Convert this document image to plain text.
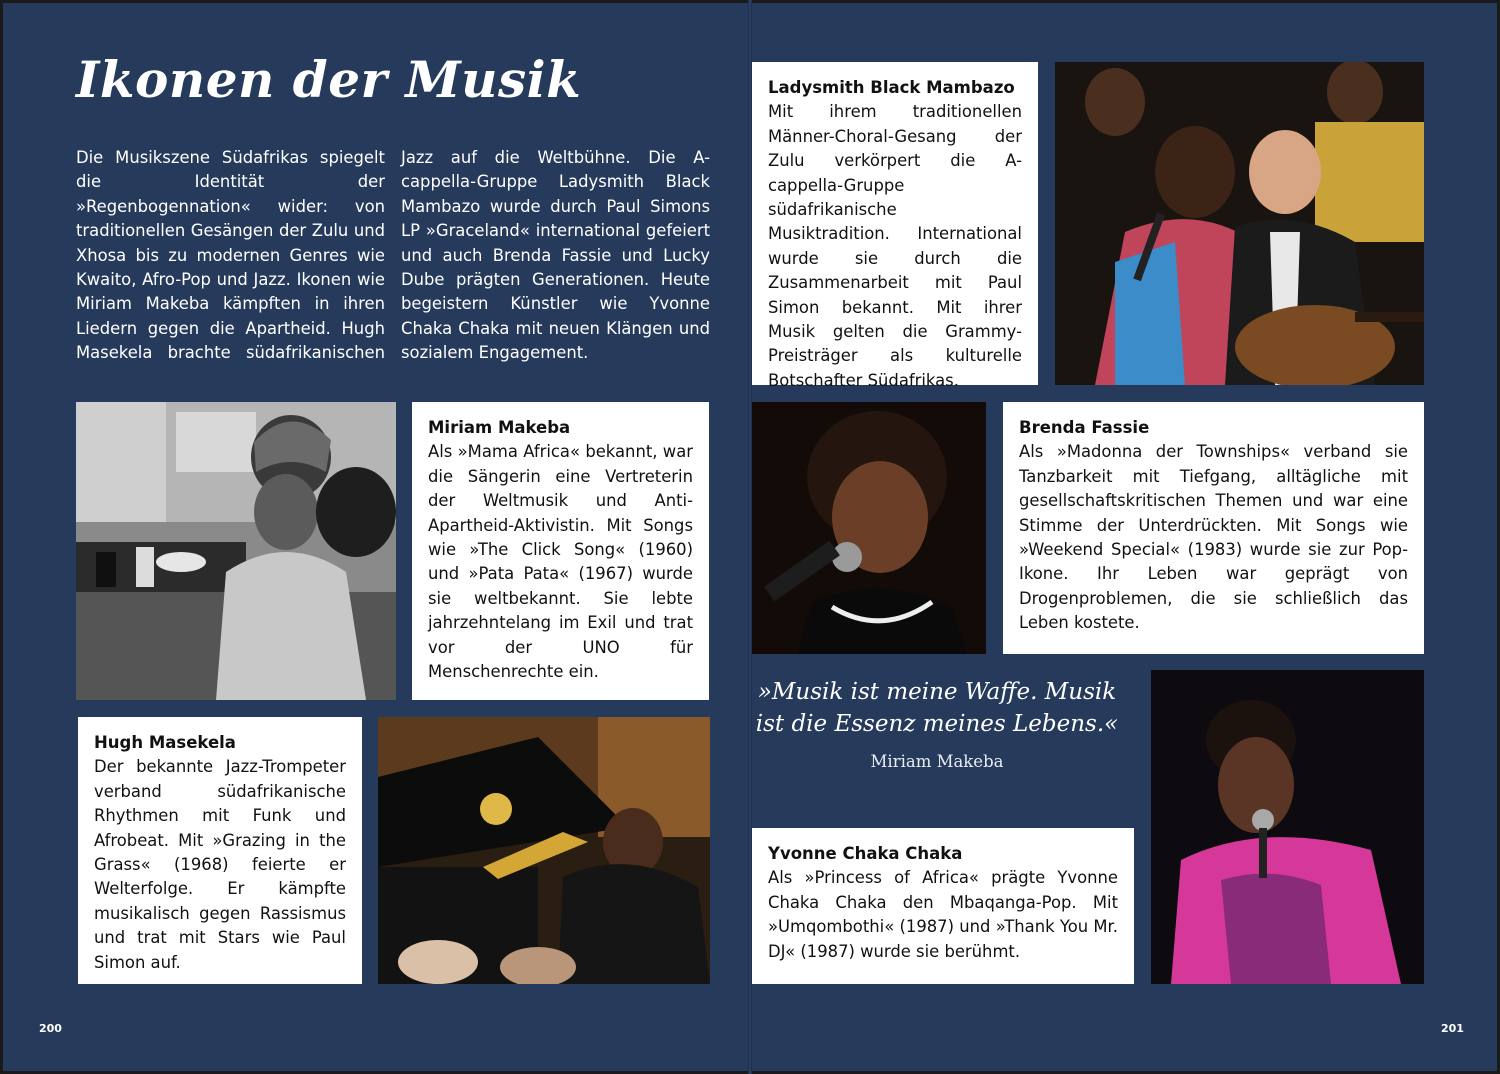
Ikonen der Musik

Die Musikszene Südafrikas spiegelt die Identität der »Regenbogennation« wider: von traditionellen Gesängen der Zulu und Xhosa bis zu modernen Genres wie Kwaito, Afro-Pop und Jazz. Ikonen wie Miriam Makeba kämpften in ihren Liedern gegen die Apartheid. Hugh Masekela brachte südafrikanischen Jazz auf die Weltbühne. Die A-cappella-Gruppe Ladysmith Black Mambazo wurde durch Paul Simons LP »Graceland« international gefeiert und auch Brenda Fassie und Lucky Dube prägten Generationen. Heute begeistern Künstler wie Yvonne Chaka Chaka mit neuen Klängen und sozialem Engagement.

Miriam Makeba

Als »Mama Africa« bekannt, war die Sängerin eine Vertreterin der Weltmusik und Anti-Apartheid-Aktivistin. Mit Songs wie »The Click Song« (1960) und »Pata Pata« (1967) wurde sie weltbekannt. Sie lebte jahrzehntelang im Exil und trat vor der UNO für Menschenrechte ein.

Hugh Masekela

Der bekannte Jazz-Trompeter verband südafrikanische Rhythmen mit Funk und Afrobeat. Mit »Grazing in the Grass« (1968) feierte er Welterfolge. Er kämpfte musikalisch gegen Rassismus und trat mit Stars wie Paul Simon auf.

Ladysmith Black Mambazo

Mit ihrem traditionellen Männer-Choral-Gesang der Zulu verkörpert die A-cappella-Gruppe südafrikanische Musiktradition. International wurde sie durch die Zusammenarbeit mit Paul Simon bekannt. Mit ihrer Musik gelten die Grammy-Preisträger als kulturelle Botschafter Südafrikas.

Brenda Fassie

Als »Madonna der Townships« verband sie Tanzbarkeit mit Tiefgang, alltägliche mit gesellschaftskritischen Themen und war eine Stimme der Unterdrückten. Mit Songs wie »Weekend Special« (1983) wurde sie zur Pop-Ikone. Ihr Leben war geprägt von Drogenproblemen, die sie schließlich das Leben kostete.

»Musik ist meine Waffe. Musik ist die Essenz meines Lebens.«

Miriam Makeba
Yvonne Chaka Chaka

Als »Princess of Africa« prägte Yvonne Chaka Chaka den Mbaqanga-Pop. Mit »Umqombothi« (1987) und »Thank You Mr. DJ« (1987) wurde sie berühmt.

200	201
